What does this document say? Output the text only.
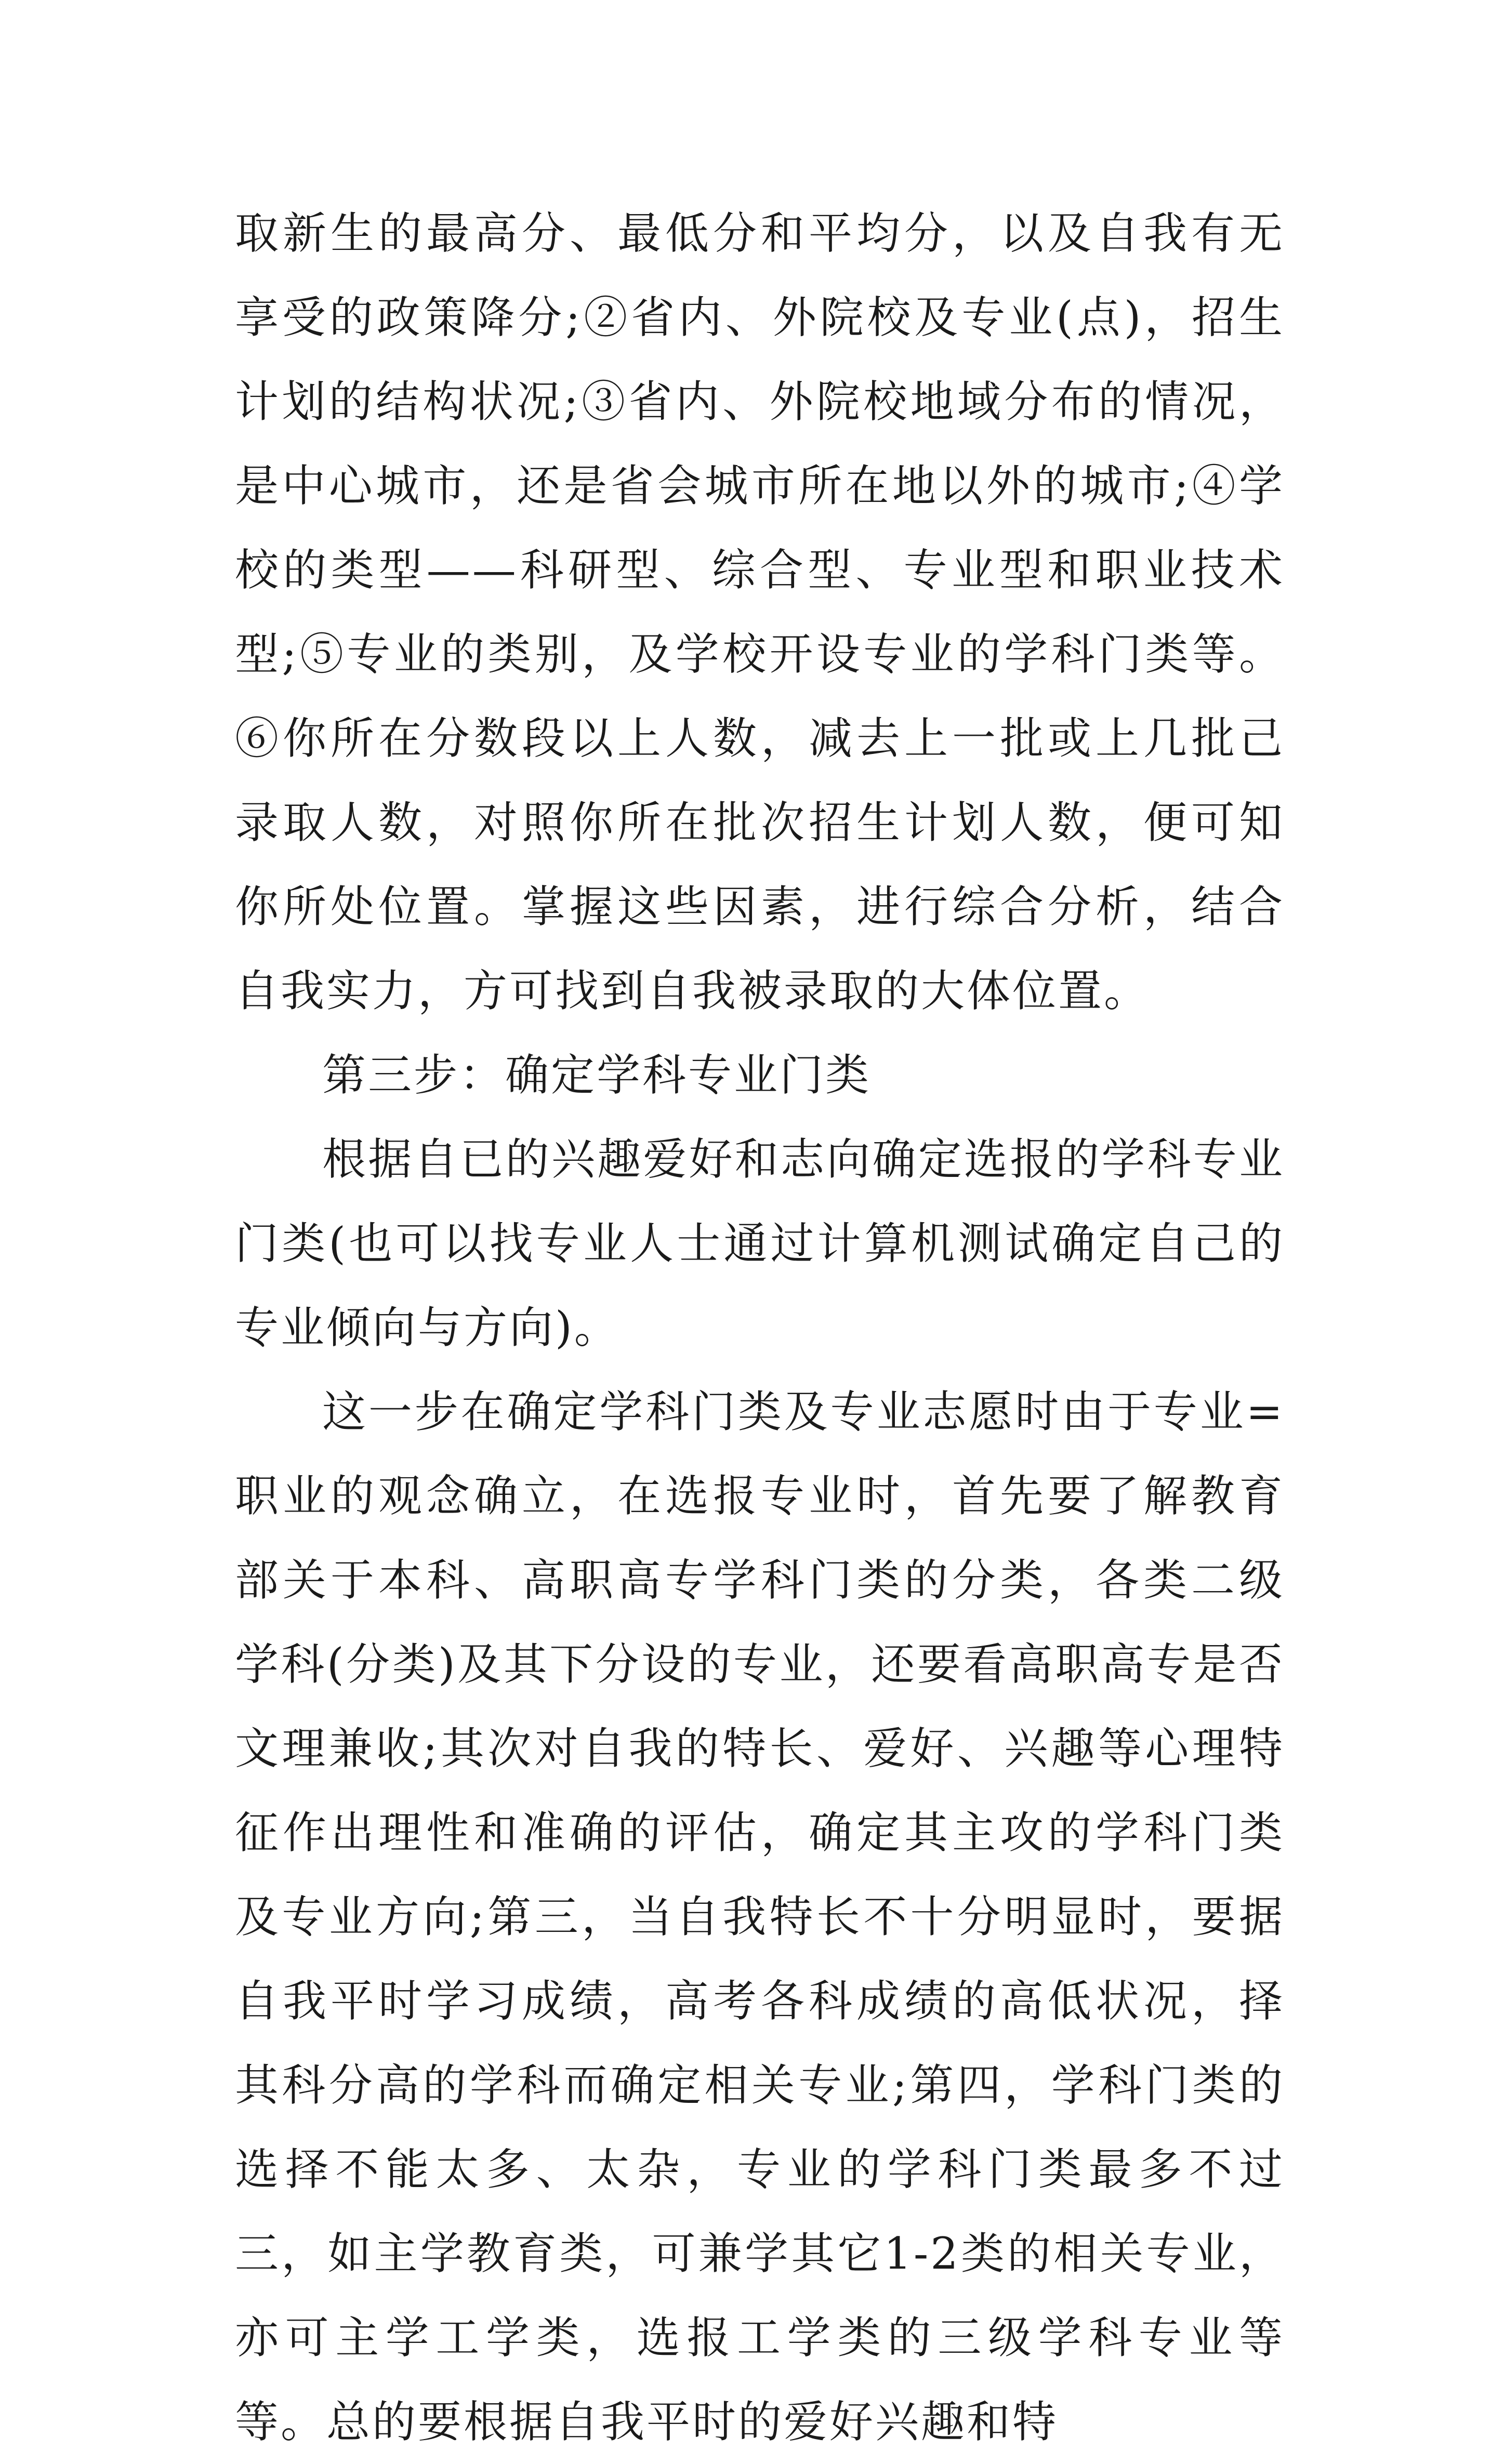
取新生的最高分、最低分和平均分，以及自我有无享受的政策降分;②省内、外院校及专业(点)，招生计划的结构状况;③省内、外院校地域分布的情况，是中心城市，还是省会城市所在地以外的城市;④学校的类型——科研型、综合型、专业型和职业技术型;⑤专业的类别，及学校开设专业的学科门类等。⑥你所在分数段以上人数，减去上一批或上几批己录取人数，对照你所在批次招生计划人数，便可知你所处位置。掌握这些因素，进行综合分析，结合自我实力，方可找到自我被录取的大体位置。

第三步：确定学科专业门类

根据自已的兴趣爱好和志向确定选报的学科专业门类(也可以找专业人士通过计算机测试确定自己的专业倾向与方向)。

这一步在确定学科门类及专业志愿时由于专业=职业的观念确立，在选报专业时，首先要了解教育部关于本科、高职高专学科门类的分类，各类二级学科(分类)及其下分设的专业，还要看高职高专是否文理兼收;其次对自我的特长、爱好、兴趣等心理特征作出理性和准确的评估，确定其主攻的学科门类及专业方向;第三，当自我特长不十分明显时，要据自我平时学习成绩，高考各科成绩的高低状况，择其科分高的学科而确定相关专业;第四，学科门类的选择不能太多、太杂，专业的学科门类最多不过三，如主学教育类，可兼学其它1-2类的相关专业，亦可主学工学类，选报工学类的三级学科专业等等。总的要根据自我平时的爱好兴趣和特
